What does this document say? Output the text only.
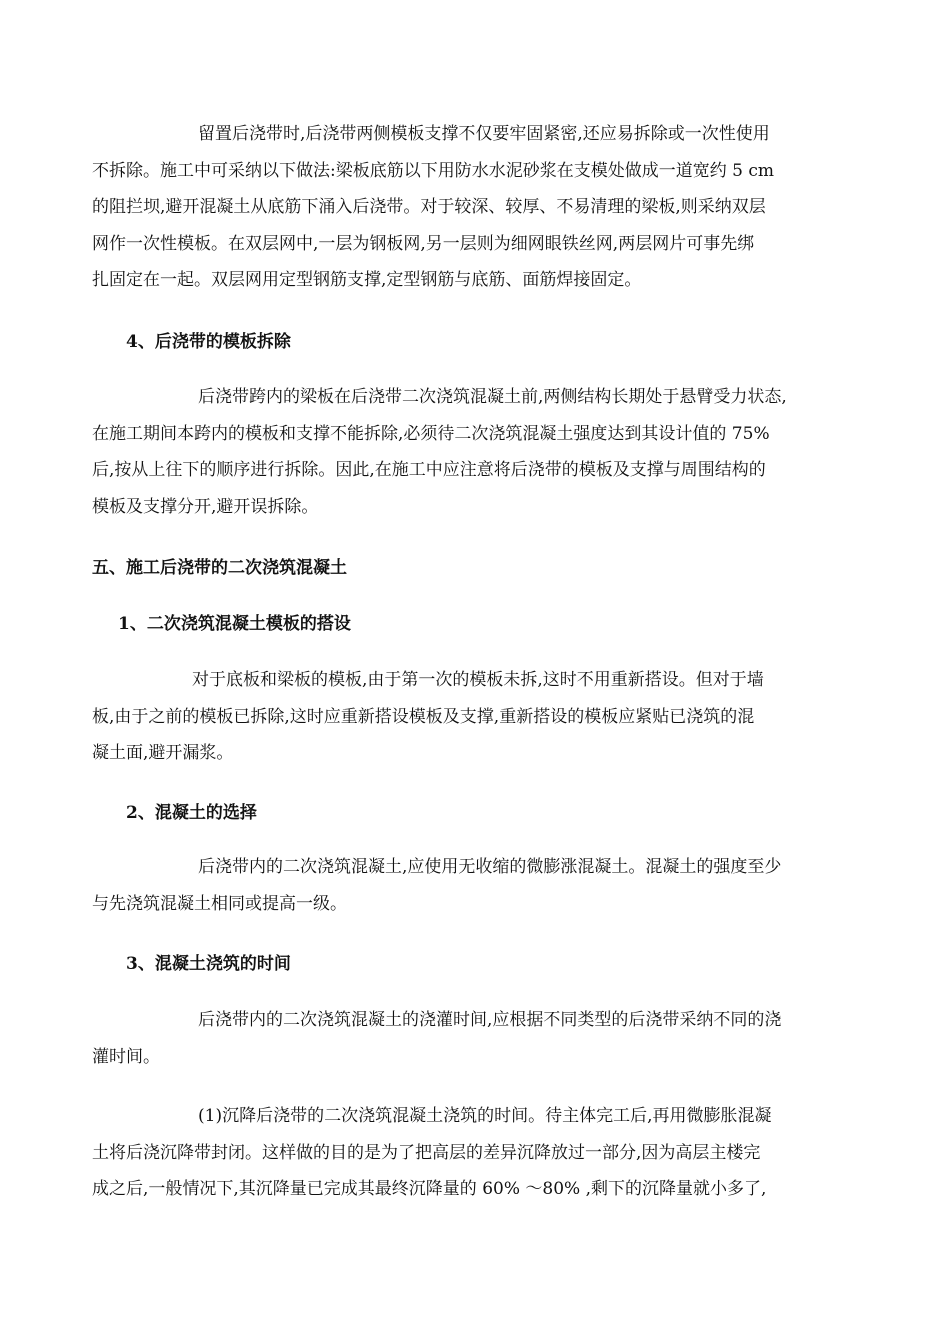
留置后浇带时,后浇带两侧模板支撑不仅要牢固紧密,还应易拆除或一次性使用
不拆除。施工中可采纳以下做法:梁板底筋以下用防水水泥砂浆在支模处做成一道宽约 5 cm
的阻拦坝,避开混凝土从底筋下涌入后浇带。对于较深、较厚、不易清理的梁板,则采纳双层
网作一次性模板。在双层网中,一层为钢板网,另一层则为细网眼铁丝网,两层网片可事先绑
扎固定在一起。双层网用定型钢筋支撑,定型钢筋与底筋、面筋焊接固定。
4、后浇带的模板拆除
后浇带跨内的梁板在后浇带二次浇筑混凝土前,两侧结构长期处于悬臂受力状态,
在施工期间本跨内的模板和支撑不能拆除,必须待二次浇筑混凝土强度达到其设计值的 75%
后,按从上往下的顺序进行拆除。因此,在施工中应注意将后浇带的模板及支撑与周围结构的
模板及支撑分开,避开误拆除。
五、施工后浇带的二次浇筑混凝土
1、二次浇筑混凝土模板的搭设
对于底板和梁板的模板,由于第一次的模板未拆,这时不用重新搭设。但对于墙
板,由于之前的模板已拆除,这时应重新搭设模板及支撑,重新搭设的模板应紧贴已浇筑的混
凝土面,避开漏浆。
2、混凝土的选择
后浇带内的二次浇筑混凝土,应使用无收缩的微膨涨混凝土。混凝土的强度至少
与先浇筑混凝土相同或提高一级。
3、混凝土浇筑的时间
后浇带内的二次浇筑混凝土的浇灌时间,应根据不同类型的后浇带采纳不同的浇
灌时间。
(1)沉降后浇带的二次浇筑混凝土浇筑的时间。待主体完工后,再用微膨胀混凝
土将后浇沉降带封闭。这样做的目的是为了把高层的差异沉降放过一部分,因为高层主楼完
成之后,一般情况下,其沉降量已完成其最终沉降量的 60% ～80% ,剩下的沉降量就小多了,
